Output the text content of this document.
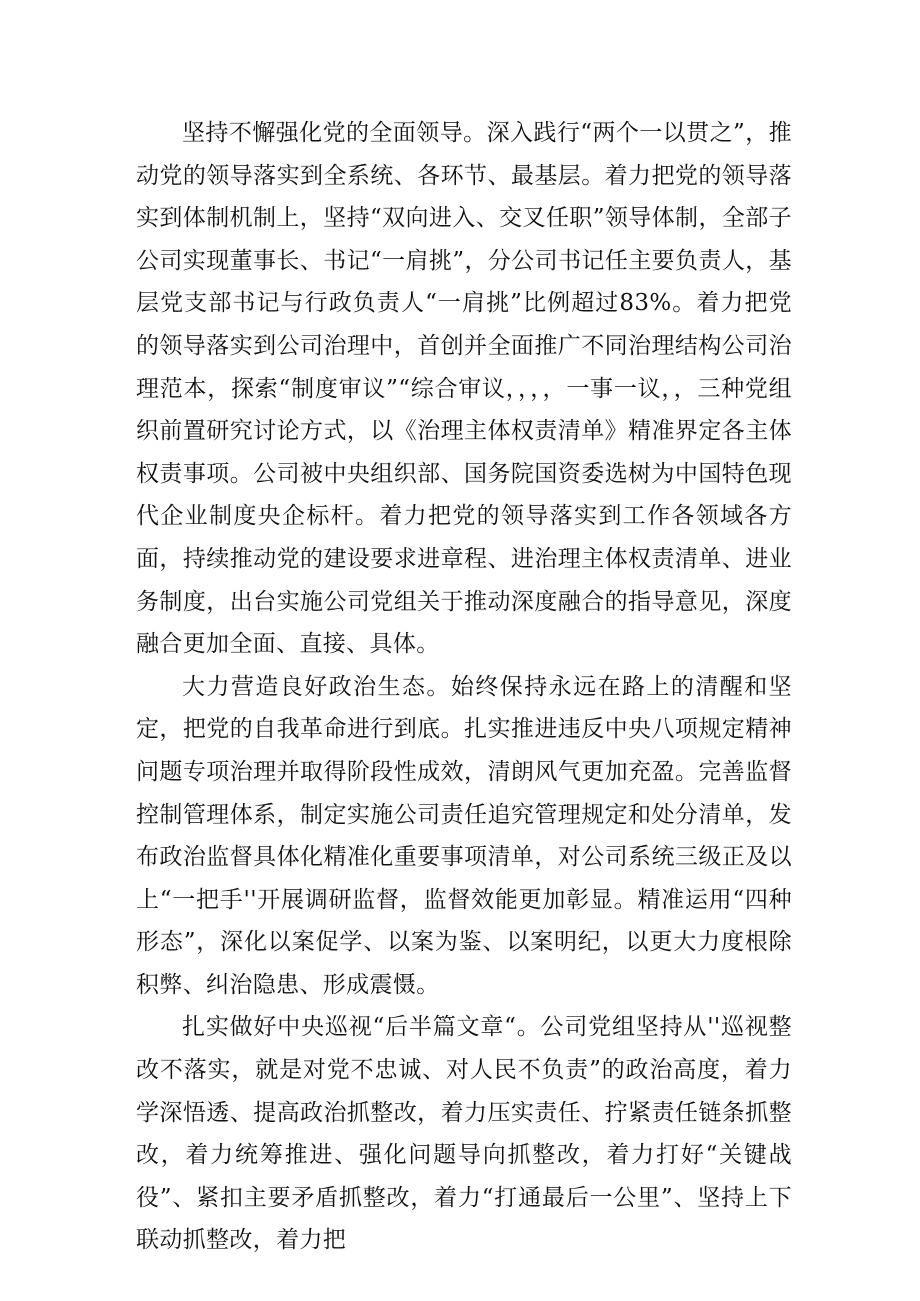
坚持不懈强化党的全面领导。深入践行“两个一以贯之”，推动党的领导落实到全系统、各环节、最基层。着力把党的领导落实到体制机制上，坚持“双向进入、交叉任职”领导体制，全部子公司实现董事长、书记“一肩挑”，分公司书记任主要负责人，基层党支部书记与行政负责人“一肩挑”比例超过83%。着力把党的领导落实到公司治理中，首创并全面推广不同治理结构公司治理范本，探索“制度审议”“综合审议，，，，一事一议，，三种党组织前置研究讨论方式，以《治理主体权责清单》精准界定各主体权责事项。公司被中央组织部、国务院国资委选树为中国特色现代企业制度央企标杆。着力把党的领导落实到工作各领域各方面，持续推动党的建设要求进章程、进治理主体权责清单、进业务制度，出台实施公司党组关于推动深度融合的指导意见，深度融合更加全面、直接、具体。

大力营造良好政治生态。始终保持永远在路上的清醒和坚定，把党的自我革命进行到底。扎实推进违反中央八项规定精神问题专项治理并取得阶段性成效，清朗风气更加充盈。完善监督控制管理体系，制定实施公司责任追究管理规定和处分清单，发布政治监督具体化精准化重要事项清单，对公司系统三级正及以上“一把手''开展调研监督，监督效能更加彰显。精准运用“四种形态”，深化以案促学、以案为鉴、以案明纪，以更大力度根除积弊、纠治隐患、形成震慑。

扎实做好中央巡视“后半篇文章“。公司党组坚持从''巡视整改不落实，就是对党不忠诚、对人民不负责”的政治高度，着力学深悟透、提高政治抓整改，着力压实责任、拧紧责任链条抓整改，着力统筹推进、强化问题导向抓整改，着力打好“关键战役”、紧扣主要矛盾抓整改，着力“打通最后一公里”、坚持上下联动抓整改，着力把
